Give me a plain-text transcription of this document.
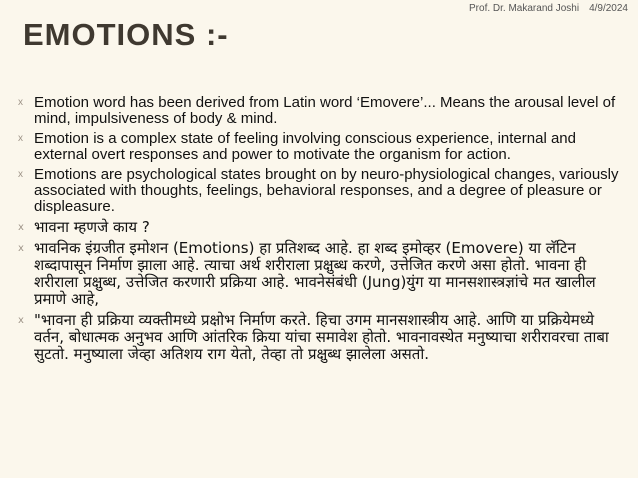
Prof. Dr. Makarand Joshi 4/9/2024
EMOTIONS :-
x Emotion word has been derived from Latin word ‘Emovere’... Means the arousal level of mind, impulsiveness of body & mind.
x Emotion is a complex state of feeling involving conscious experience, internal and external overt responses and power to motivate the organism for action.
x Emotions are psychological states brought on by neuro-physiological changes, variously associated with thoughts, feelings, behavioral responses, and a degree of pleasure or displeasure.
x भावना म्हणजे काय ?
x भावनिक इंग्रजीत इमोशन (Emotions) हा प्रतिशब्द आहे. हा शब्द इमोव्हर (Emovere) या लॅटिन शब्दापासून निर्माण झाला आहे. त्याचा अर्थ शरीराला प्रक्षुब्ध करणे, उत्तेजित करणे असा होतो. भावना ही शरीराला प्रक्षुब्ध, उत्तेजित करणारी प्रक्रिया आहे. भावनेसंबंधी (Jung)युंग या मानसशास्त्रज्ञांचे मत खालील प्रमाणे आहे,
x "भावना ही प्रक्रिया व्यक्तीमध्ये प्रक्षोभ निर्माण करते. हिचा उगम मानसशास्त्रीय आहे. आणि या प्रक्रियेमध्ये वर्तन, बोधात्मक अनुभव आणि आंतरिक क्रिया यांचा समावेश होतो. भावनावस्थेत मनुष्याचा शरीरावरचा ताबा सुटतो. मनुष्याला जेव्हा अतिशय राग येतो, तेव्हा तो प्रक्षुब्ध झालेला असतो.
